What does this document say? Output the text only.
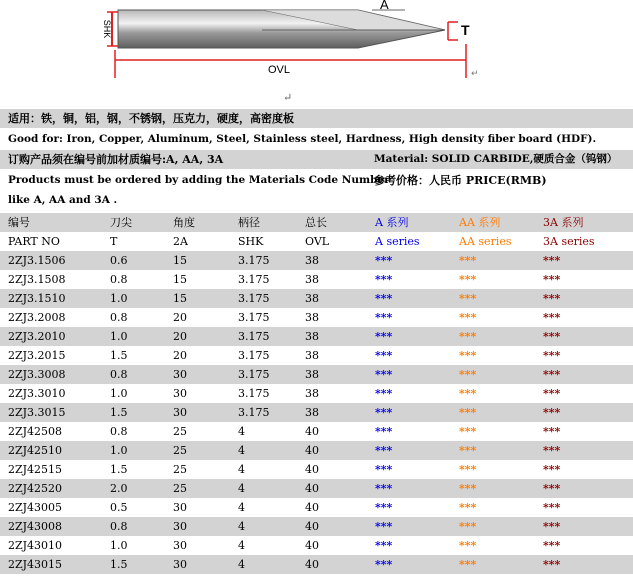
SHK
A
T
OVL	↵
↵
适用：铁，铜，铝，钢，不锈钢，压克力，硬度，高密度板
Good for: Iron, Copper, Aluminum, Steel, Stainless steel, Hardness, High density fiber board (HDF).
订购产品须在编号前加材质编号:A, AA, 3A	Material: SOLID CARBIDE,硬质合金（钨钢）
Products must be ordered by adding the Materials Code Number
参考价格：人民币 PRICE(RMB)
like A, AA and 3A .
编号	刀尖	角度	柄径	总长	A 系列	AA 系列	3A 系列
PART NO	T	2A	SHK	OVL	A series	AA series	3A series
2ZJ3.1506	0.6	15	3.175	38	***	***	***
2ZJ3.1508	0.8	15	3.175	38	***	***	***
2ZJ3.1510	1.0	15	3.175	38	***	***	***
2ZJ3.2008	0.8	20	3.175	38	***	***	***
2ZJ3.2010	1.0	20	3.175	38	***	***	***
2ZJ3.2015	1.5	20	3.175	38	***	***	***
2ZJ3.3008	0.8	30	3.175	38	***	***	***
2ZJ3.3010	1.0	30	3.175	38	***	***	***
2ZJ3.3015	1.5	30	3.175	38	***	***	***
2ZJ42508	0.8	25	4	40	***	***	***
2ZJ42510	1.0	25	4	40	***	***	***
2ZJ42515	1.5	25	4	40	***	***	***
2ZJ42520	2.0	25	4	40	***	***	***
2ZJ43005	0.5	30	4	40	***	***	***
2ZJ43008	0.8	30	4	40	***	***	***
2ZJ43010	1.0	30	4	40	***	***	***
2ZJ43015	1.5	30	4	40	***	***	***
